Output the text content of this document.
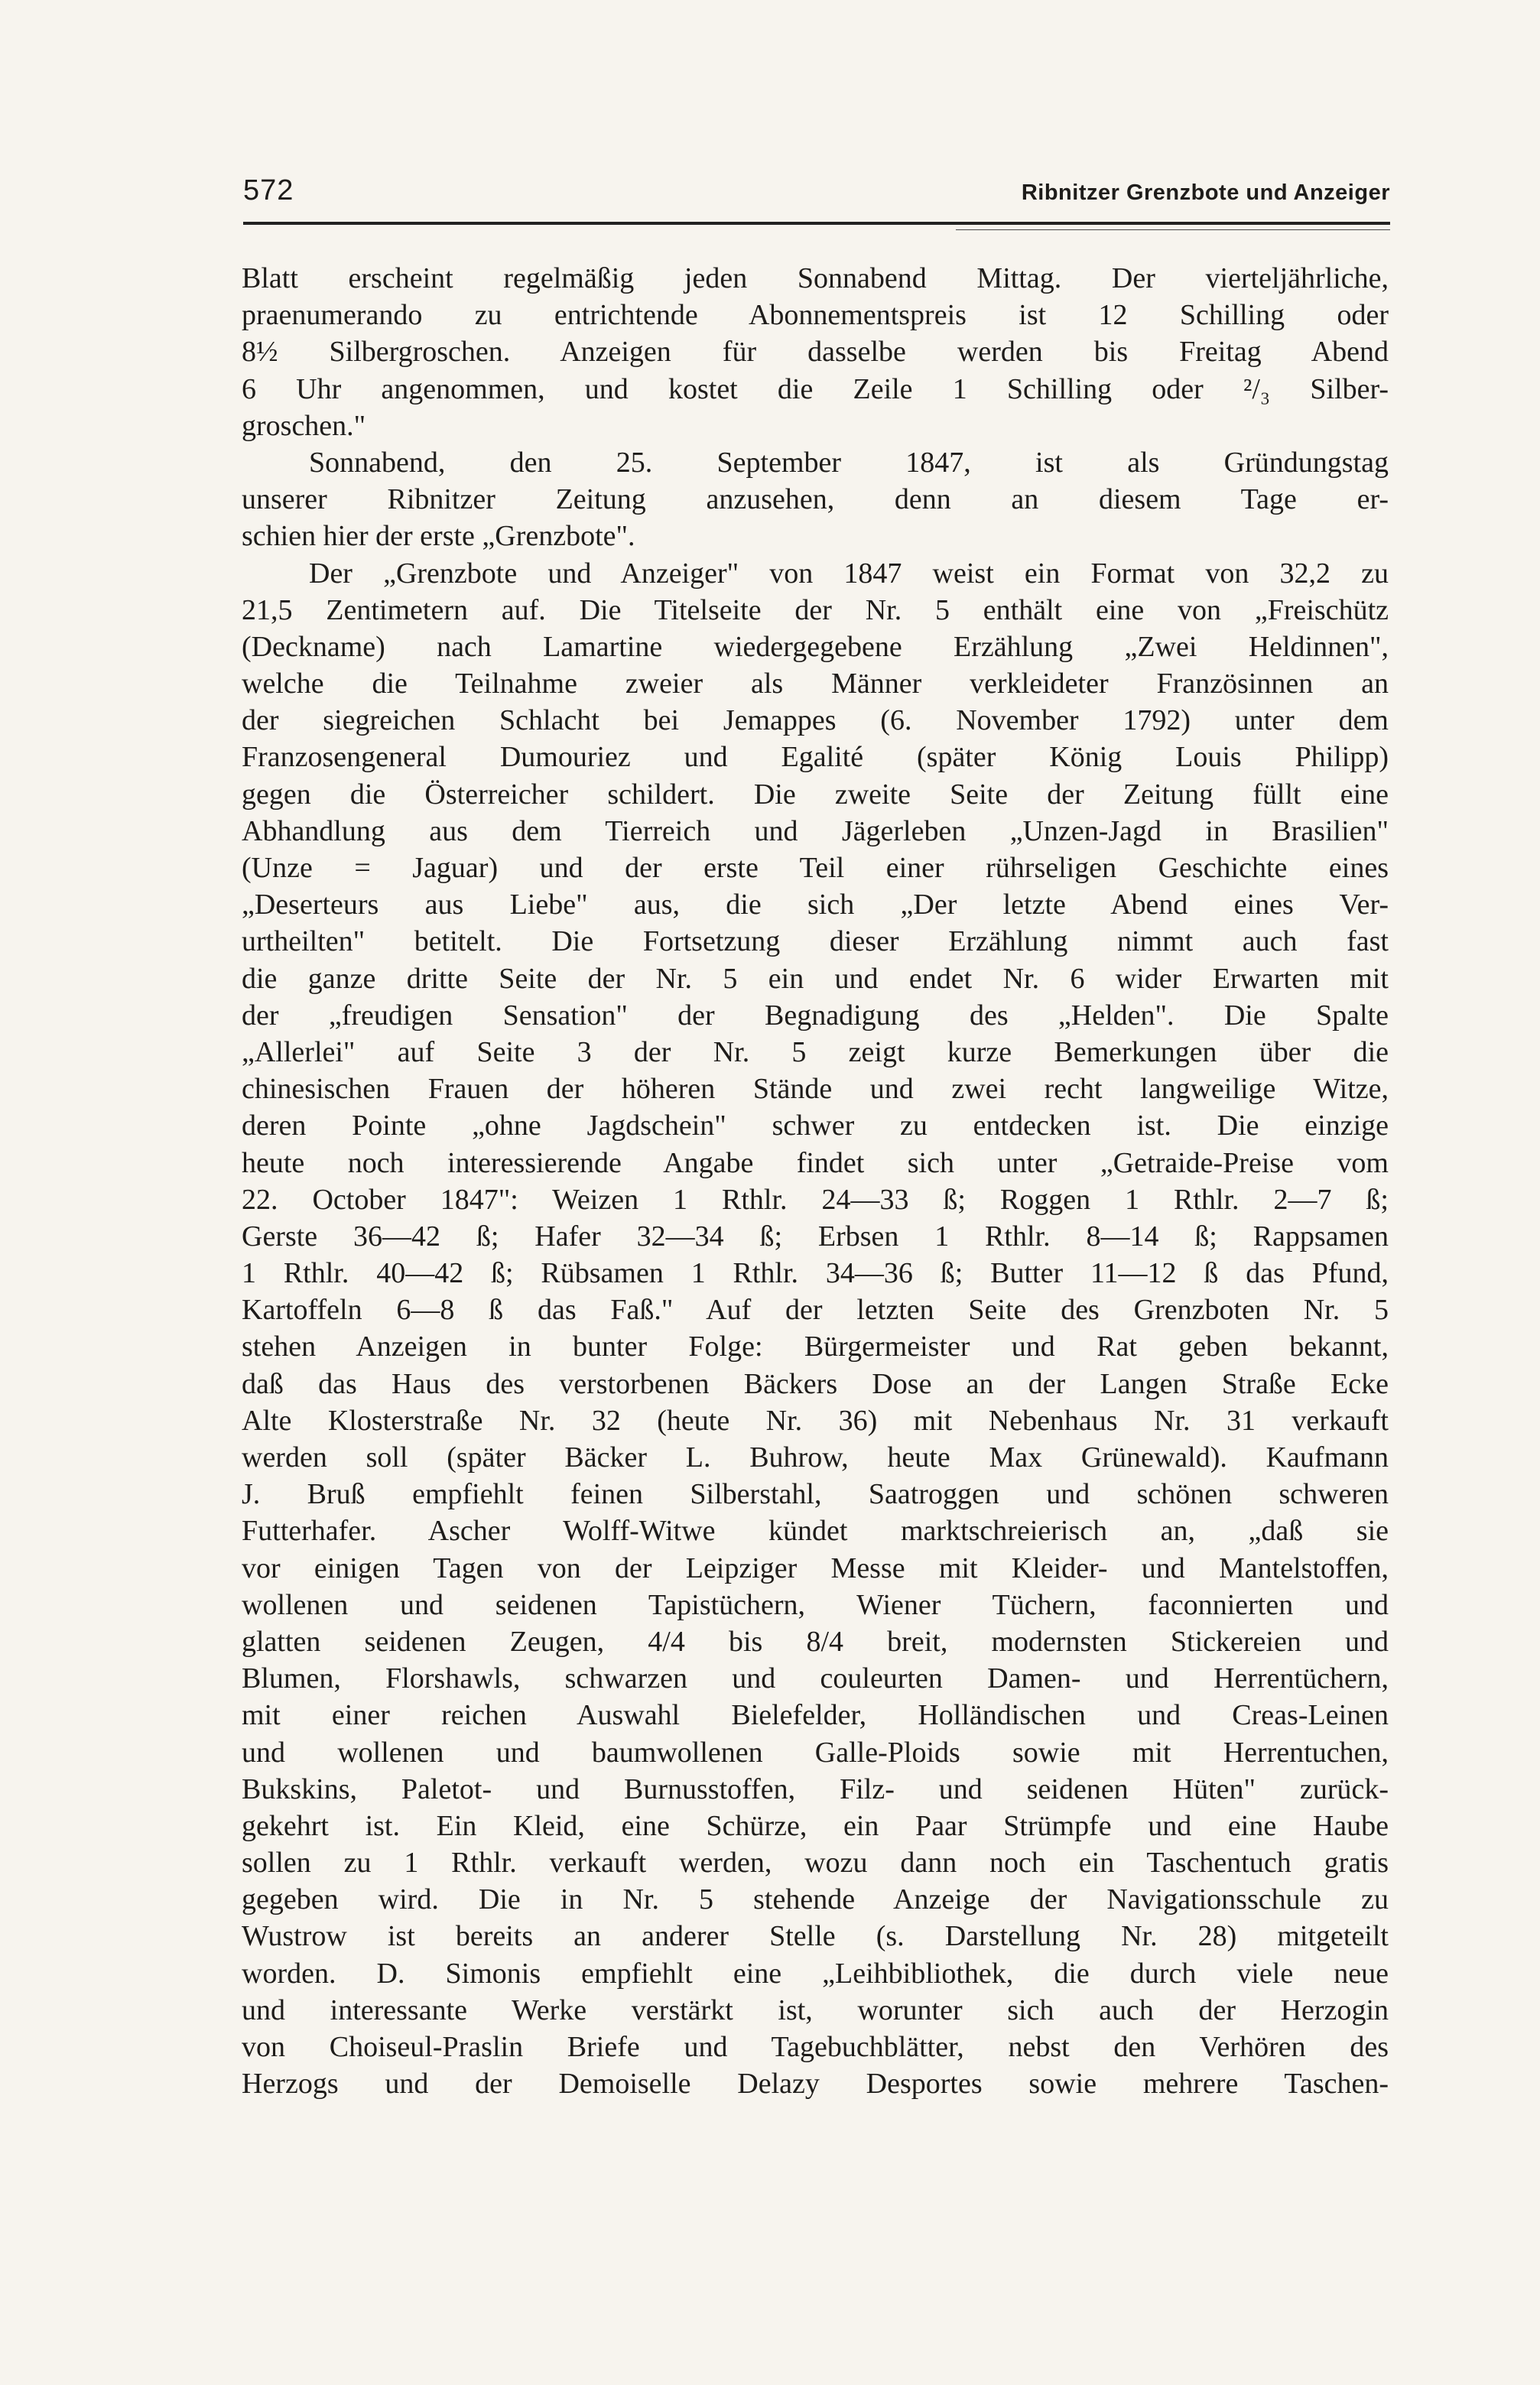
572	Ribnitzer Grenzbote und Anzeiger
Blatt erscheint regelmäßig jeden Sonnabend Mittag. Der vierteljährliche,
praenumerando zu entrichtende Abonnementspreis ist 12 Schilling oder
8½ Silbergroschen. Anzeigen für dasselbe werden bis Freitag Abend
6 Uhr angenommen, und kostet die Zeile 1 Schilling oder ²/₃ Silber-
groschen."
Sonnabend, den 25. September 1847, ist als Gründungstag
unserer Ribnitzer Zeitung anzusehen, denn an diesem Tage er-
schien hier der erste „Grenzbote".
Der „Grenzbote und Anzeiger" von 1847 weist ein Format von 32,2 zu
21,5 Zentimetern auf. Die Titelseite der Nr. 5 enthält eine von „Freischütz
(Deckname) nach Lamartine wiedergegebene Erzählung „Zwei Heldinnen",
welche die Teilnahme zweier als Männer verkleideter Französinnen an
der siegreichen Schlacht bei Jemappes (6. November 1792) unter dem
Franzosengeneral Dumouriez und Egalité (später König Louis Philipp)
gegen die Österreicher schildert. Die zweite Seite der Zeitung füllt eine
Abhandlung aus dem Tierreich und Jägerleben „Unzen-Jagd in Brasilien"
(Unze = Jaguar) und der erste Teil einer rührseligen Geschichte eines
„Deserteurs aus Liebe" aus, die sich „Der letzte Abend eines Ver-
urtheilten" betitelt. Die Fortsetzung dieser Erzählung nimmt auch fast
die ganze dritte Seite der Nr. 5 ein und endet Nr. 6 wider Erwarten mit
der „freudigen Sensation" der Begnadigung des „Helden". Die Spalte
„Allerlei" auf Seite 3 der Nr. 5 zeigt kurze Bemerkungen über die
chinesischen Frauen der höheren Stände und zwei recht langweilige Witze,
deren Pointe „ohne Jagdschein" schwer zu entdecken ist. Die einzige
heute noch interessierende Angabe findet sich unter „Getraide-Preise vom
22. October 1847": Weizen 1 Rthlr. 24—33 ß; Roggen 1 Rthlr. 2—7 ß;
Gerste 36—42 ß; Hafer 32—34 ß; Erbsen 1 Rthlr. 8—14 ß; Rappsamen
1 Rthlr. 40—42 ß; Rübsamen 1 Rthlr. 34—36 ß; Butter 11—12 ß das Pfund,
Kartoffeln 6—8 ß das Faß." Auf der letzten Seite des Grenzboten Nr. 5
stehen Anzeigen in bunter Folge: Bürgermeister und Rat geben bekannt,
daß das Haus des verstorbenen Bäckers Dose an der Langen Straße Ecke
Alte Klosterstraße Nr. 32 (heute Nr. 36) mit Nebenhaus Nr. 31 verkauft
werden soll (später Bäcker L. Buhrow, heute Max Grünewald). Kaufmann
J. Bruß empfiehlt feinen Silberstahl, Saatroggen und schönen schweren
Futterhafer. Ascher Wolff-Witwe kündet marktschreierisch an, „daß sie
vor einigen Tagen von der Leipziger Messe mit Kleider- und Mantelstoffen,
wollenen und seidenen Tapistüchern, Wiener Tüchern, faconnierten und
glatten seidenen Zeugen, 4/4 bis 8/4 breit, modernsten Stickereien und
Blumen, Florshawls, schwarzen und couleurten Damen- und Herrentüchern,
mit einer reichen Auswahl Bielefelder, Holländischen und Creas-Leinen
und wollenen und baumwollenen Galle-Ploids sowie mit Herrentuchen,
Bukskins, Paletot- und Burnusstoffen, Filz- und seidenen Hüten" zurück-
gekehrt ist. Ein Kleid, eine Schürze, ein Paar Strümpfe und eine Haube
sollen zu 1 Rthlr. verkauft werden, wozu dann noch ein Taschentuch gratis
gegeben wird. Die in Nr. 5 stehende Anzeige der Navigationsschule zu
Wustrow ist bereits an anderer Stelle (s. Darstellung Nr. 28) mitgeteilt
worden. D. Simonis empfiehlt eine „Leihbibliothek, die durch viele neue
und interessante Werke verstärkt ist, worunter sich auch der Herzogin
von Choiseul-Praslin Briefe und Tagebuchblätter, nebst den Verhören des
Herzogs und der Demoiselle Delazy Desportes sowie mehrere Taschen-
